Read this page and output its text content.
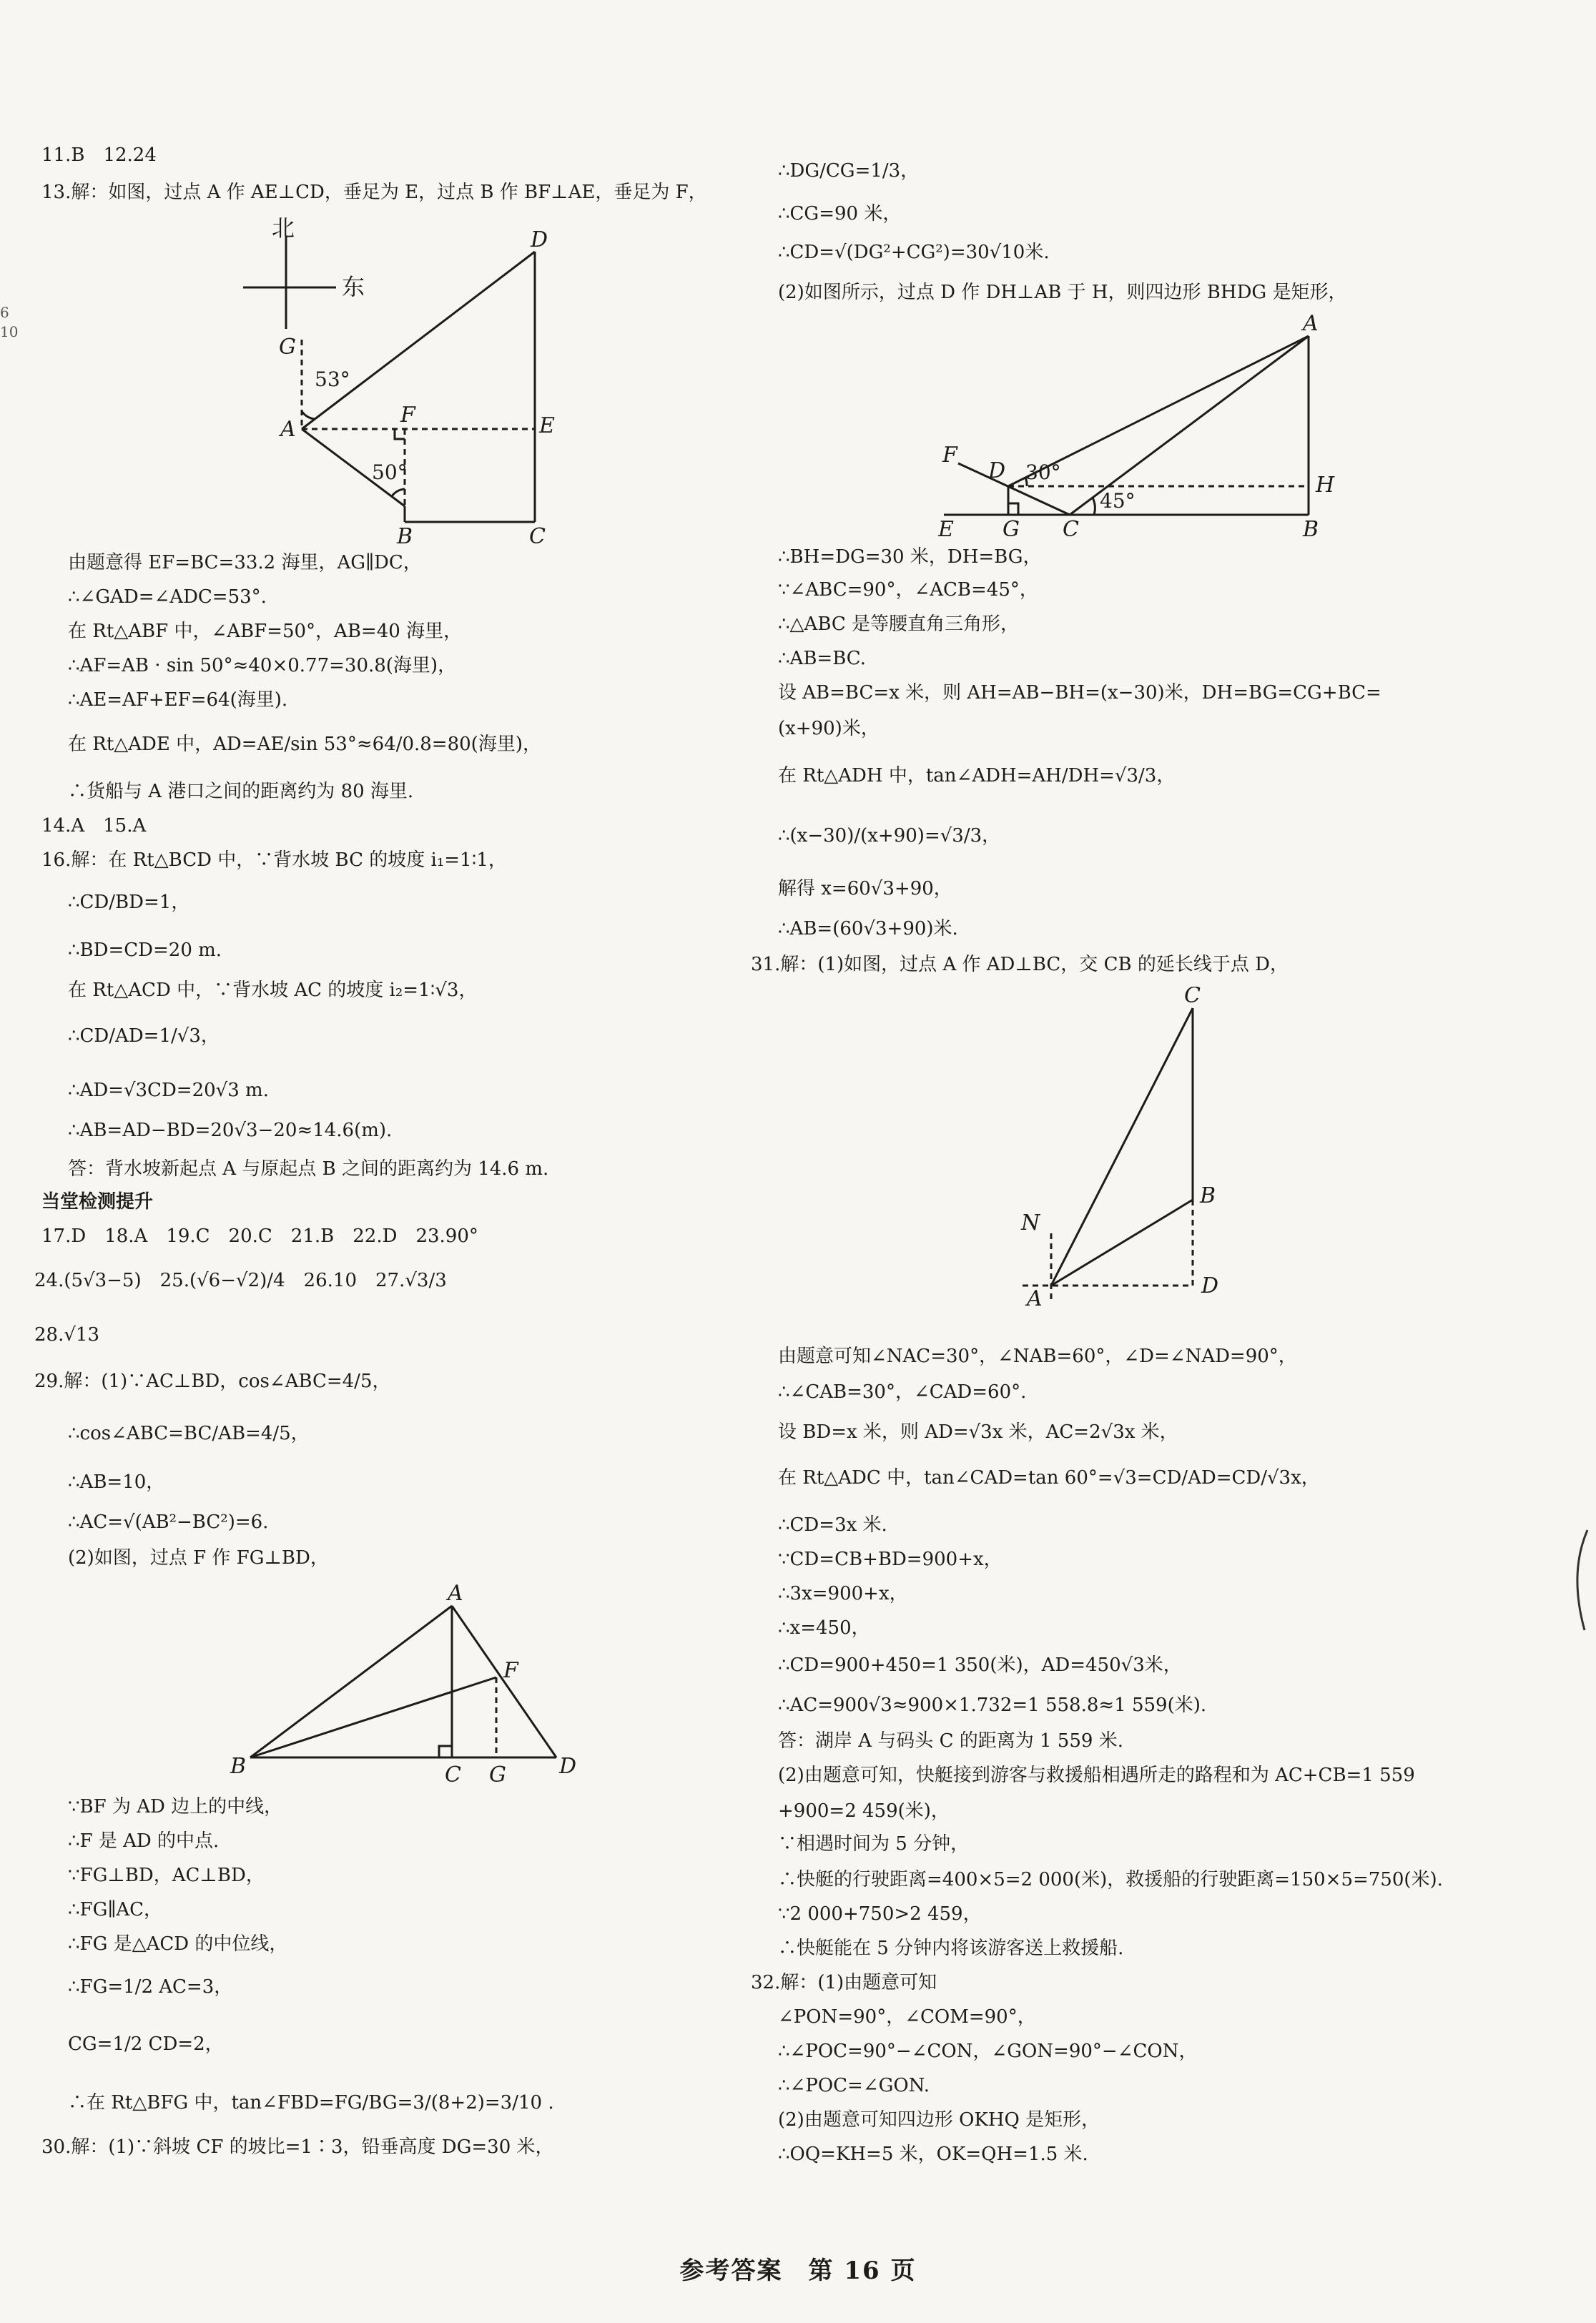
6
10
11.B　12.24
13.解：如图，过点 A 作 AE⊥CD，垂足为 E，过点 B 作 BF⊥AE，垂足为 F，
北
东
G
53°
D
F
A	E
50°
B	C
由题意得 EF=BC=33.2 海里，AG∥DC，
∴∠GAD=∠ADC=53°.
在 Rt△ABF 中，∠ABF=50°，AB=40 海里，
∴AF=AB · sin 50°≈40×0.77=30.8(海里)，
∴AE=AF+EF=64(海里).
在 Rt△ADE 中，AD=AE/sin 53°≈64/0.8=80(海里)，
∴货船与 A 港口之间的距离约为 80 海里.
14.A　15.A
16.解：在 Rt△BCD 中，∵背水坡 BC 的坡度 i₁=1∶1，
∴CD/BD=1，
∴BD=CD=20 m.
在 Rt△ACD 中，∵背水坡 AC 的坡度 i₂=1∶√3，
∴CD/AD=1/√3，
∴AD=√3CD=20√3 m.
∴AB=AD−BD=20√3−20≈14.6(m).
答：背水坡新起点 A 与原起点 B 之间的距离约为 14.6 m.
当堂检测提升
17.D　18.A　19.C　20.C　21.B　22.D　23.90°
24.(5√3−5)　25.(√6−√2)/4　26.10　27.√3/3
28.√13
29.解：(1)∵AC⊥BD，cos∠ABC=4/5，
∴cos∠ABC=BC/AB=4/5，
∴AB=10，
∴AC=√(AB²−BC²)=6.
(2)如图，过点 F 作 FG⊥BD，
A
F
B	C G D
∵BF 为 AD 边上的中线，
∴F 是 AD 的中点.
∵FG⊥BD，AC⊥BD，
∴FG∥AC，
∴FG 是△ACD 的中位线，
∴FG=1/2 AC=3，
CG=1/2 CD=2，
∴在 Rt△BFG 中，tan∠FBD=FG/BG=3/(8+2)=3/10 .
30.解：(1)∵斜坡 CF 的坡比=1∶3，铅垂高度 DG=30 米，
∴DG/CG=1/3，
∴CG=90 米，
∴CD=√(DG²+CG²)=30√10米.
(2)如图所示，过点 D 作 DH⊥AB 于 H，则四边形 BHDG 是矩形，
A
F
D 30°
45°
H
E G C	B
∴BH=DG=30 米，DH=BG，
∵∠ABC=90°，∠ACB=45°，
∴△ABC 是等腰直角三角形，
∴AB=BC.
设 AB=BC=x 米，则 AH=AB−BH=(x−30)米，DH=BG=CG+BC=
(x+90)米，
在 Rt△ADH 中，tan∠ADH=AH/DH=√3/3，
∴(x−30)/(x+90)=√3/3，
解得 x=60√3+90，
∴AB=(60√3+90)米.
31.解：(1)如图，过点 A 作 AD⊥BC，交 CB 的延长线于点 D，
C
B
N
A
D
由题意可知∠NAC=30°，∠NAB=60°，∠D=∠NAD=90°，
∴∠CAB=30°，∠CAD=60°.
设 BD=x 米，则 AD=√3x 米，AC=2√3x 米，
在 Rt△ADC 中，tan∠CAD=tan 60°=√3=CD/AD=CD/√3x，
∴CD=3x 米.
∵CD=CB+BD=900+x，
∴3x=900+x，
∴x=450，
∴CD=900+450=1 350(米)，AD=450√3米，
∴AC=900√3≈900×1.732=1 558.8≈1 559(米).
答：湖岸 A 与码头 C 的距离为 1 559 米.
(2)由题意可知，快艇接到游客与救援船相遇所走的路程和为 AC+CB=1 559
+900=2 459(米)，
∵相遇时间为 5 分钟，
∴快艇的行驶距离=400×5=2 000(米)，救援船的行驶距离=150×5=750(米).
∵2 000+750>2 459，
∴快艇能在 5 分钟内将该游客送上救援船.
32.解：(1)由题意可知
∠PON=90°，∠COM=90°，
∴∠POC=90°−∠CON，∠GON=90°−∠CON，
∴∠POC=∠GON.
(2)由题意可知四边形 OKHQ 是矩形，
∴OQ=KH=5 米，OK=QH=1.5 米.
参考答案　第 16 页
